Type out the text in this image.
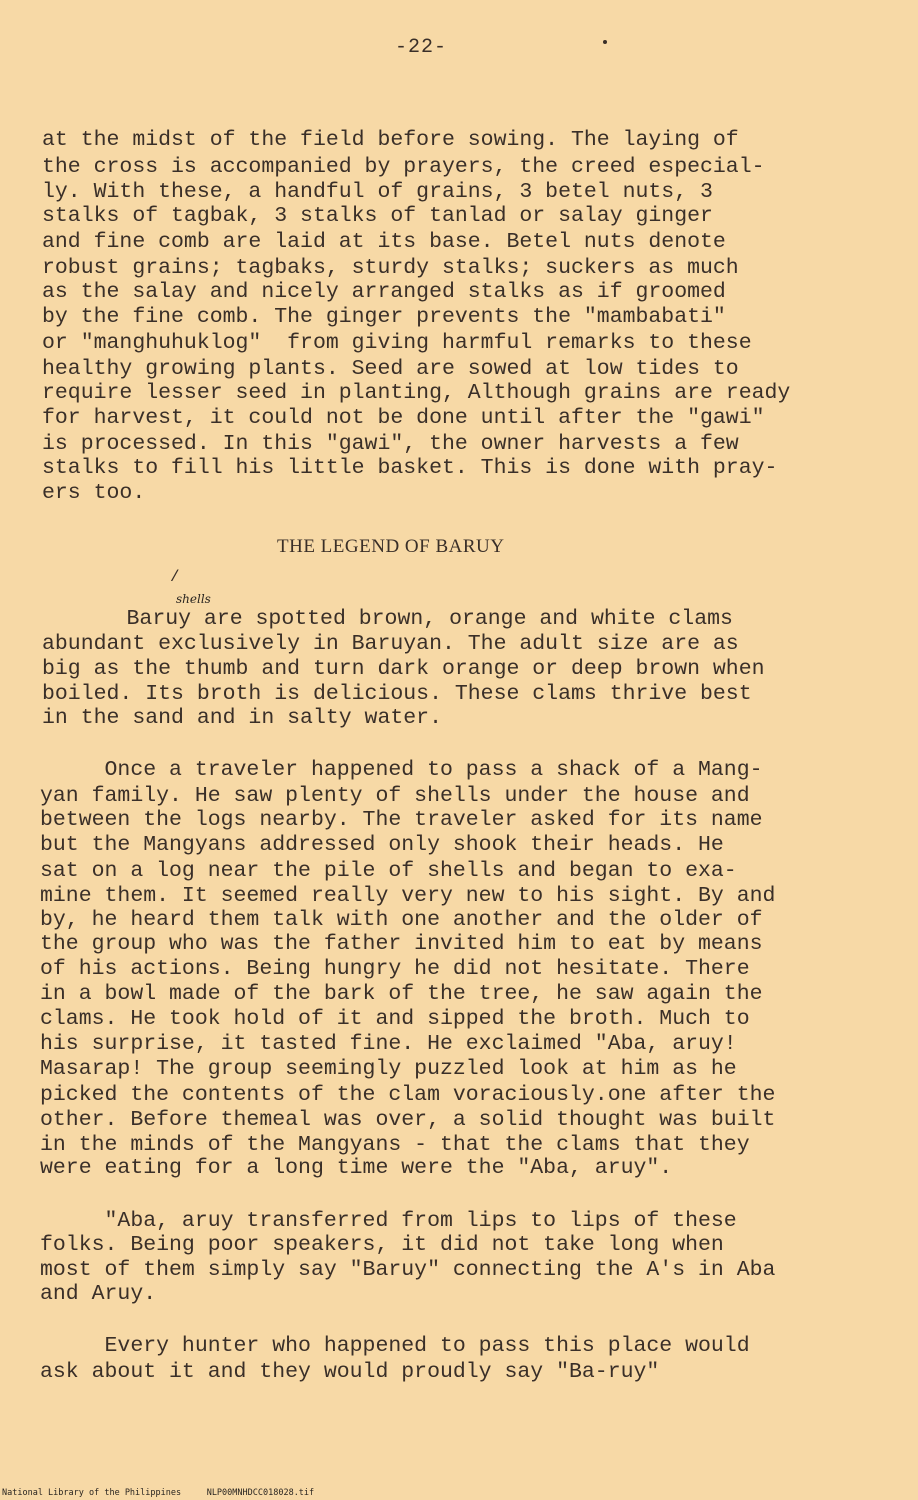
-22-
at the midst of the field before sowing. The laying of
the cross is accompanied by prayers, the creed especial-
ly. With these, a handful of grains, 3 betel nuts, 3
stalks of tagbak, 3 stalks of tanlad or salay ginger
and fine comb are laid at its base. Betel nuts denote
robust grains; tagbaks, sturdy stalks; suckers as much
as the salay and nicely arranged stalks as if groomed
by the fine comb. The ginger prevents the "mambabati"
or "manghuhuklog"  from giving harmful remarks to these
healthy growing plants. Seed are sowed at low tides to
require lesser seed in planting, Although grains are ready
for harvest, it could not be done until after the "gawi"
is processed. In this "gawi", the owner harvests a few
stalks to fill his little basket. This is done with pray-
ers too.
THE LEGEND OF BARUY
/
shells
Baruy are spotted brown, orange and white clams
abundant exclusively in Baruyan. The adult size are as
big as the thumb and turn dark orange or deep brown when
boiled. Its broth is delicious. These clams thrive best
in the sand and in salty water.
Once a traveler happened to pass a shack of a Mang-
yan family. He saw plenty of shells under the house and
between the logs nearby. The traveler asked for its name
but the Mangyans addressed only shook their heads. He
sat on a log near the pile of shells and began to exa-
mine them. It seemed really very new to his sight. By and
by, he heard them talk with one another and the older of
the group who was the father invited him to eat by means
of his actions. Being hungry he did not hesitate. There
in a bowl made of the bark of the tree, he saw again the
clams. He took hold of it and sipped the broth. Much to
his surprise, it tasted fine. He exclaimed "Aba, aruy!
Masarap! The group seemingly puzzled look at him as he
picked the contents of the clam voraciously.one after the
other. Before themeal was over, a solid thought was built
in the minds of the Mangyans - that the clams that they
were eating for a long time were the "Aba, aruy".
"Aba, aruy transferred from lips to lips of these
folks. Being poor speakers, it did not take long when
most of them simply say "Baruy" connecting the A's in Aba
and Aruy.
Every hunter who happened to pass this place would
ask about it and they would proudly say "Ba-ruy"
National Library of the Philippines     NLP00MNHDCC018028.tif
